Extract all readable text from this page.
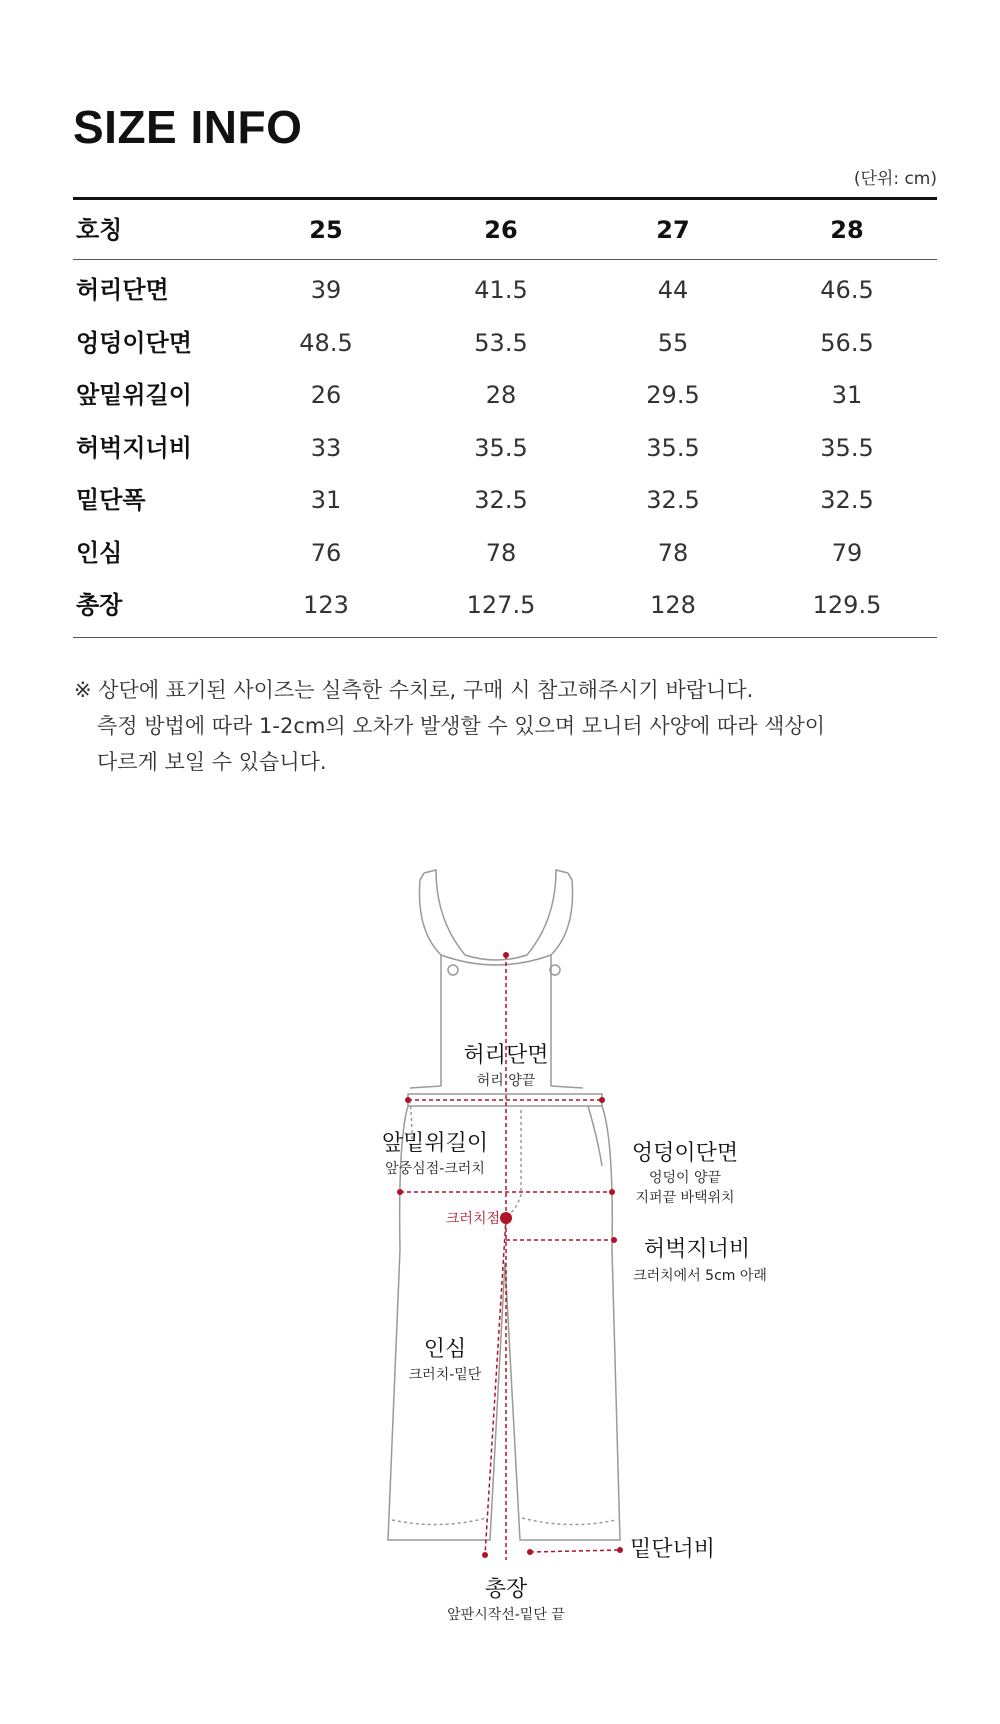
SIZE INFO
(단위: cm)
호칭	25	26	27	28
허리단면	39	41.5	44	46.5
엉덩이단면	48.5	53.5	55	56.5
앞밑위길이	26	28	29.5	31
허벅지너비	33	35.5	35.5	35.5
밑단폭	31	32.5	32.5	32.5
인심	76	78	78	79
총장	123	127.5	128	129.5
※ 상단에 표기된 사이즈는 실측한 수치로, 구매 시 참고해주시기 바랍니다.
측정 방법에 따라 1-2cm의 오차가 발생할 수 있으며 모니터 사양에 따라 색상이
다르게 보일 수 있습니다.
허리단면
허리 양끝
앞밑위길이
앞중심점-크러치
엉덩이단면
엉덩이 양끝
지퍼끝 바택위치
크러치점
허벅지너비
크러치에서 5cm 아래
인심
크러치-밑단
밑단너비
총장
앞판시작선-밑단 끝
